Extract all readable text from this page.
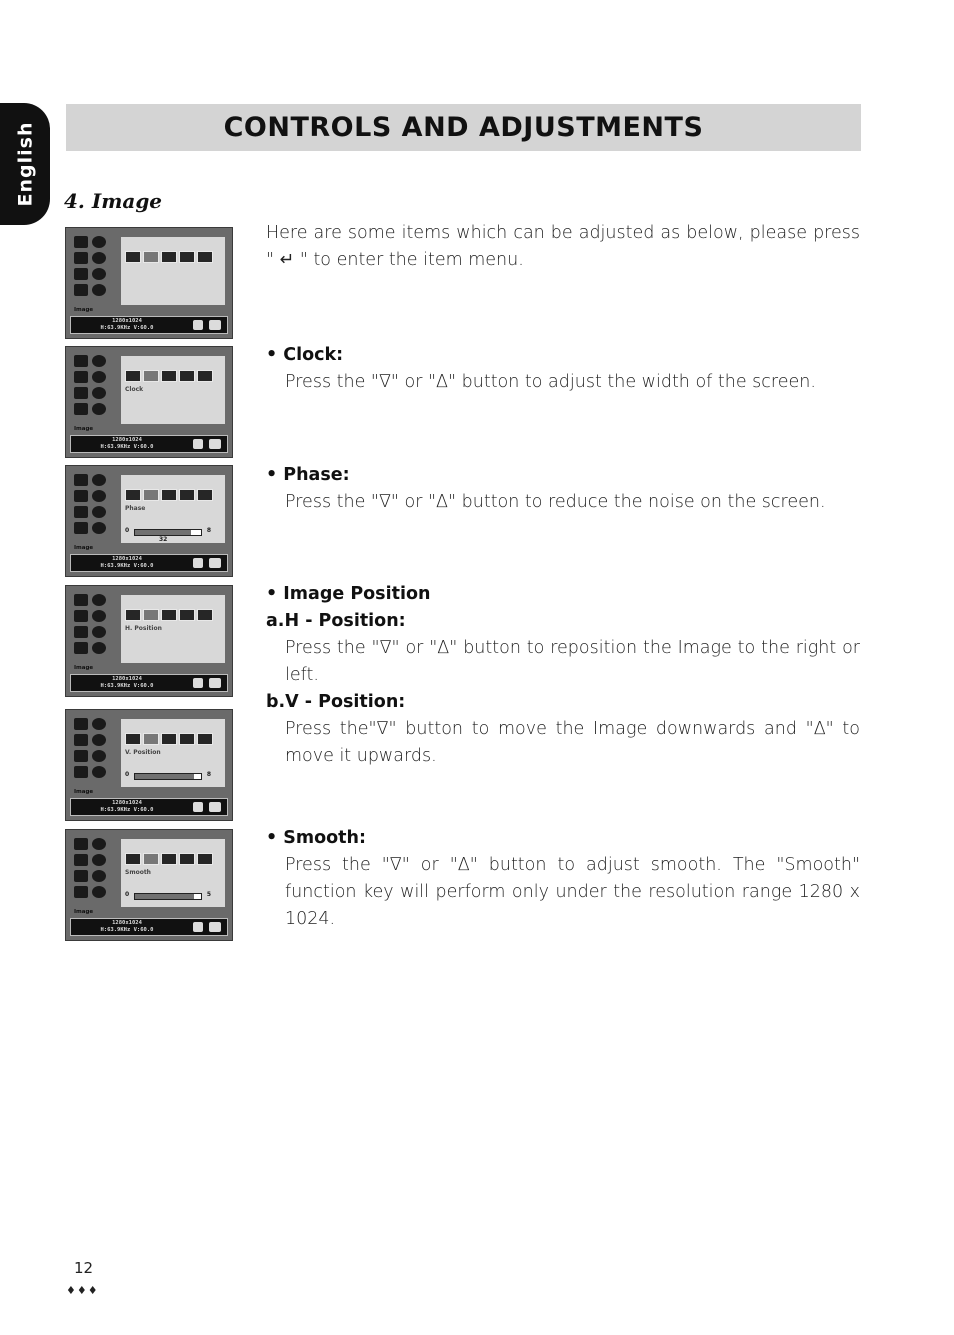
English	CONTROLS AND ADJUSTMENTS
4. Image
Image
1280x1024
H:63.9KHz V:60.0
Clock
Image
1280x1024
H:63.9KHz V:60.0
Phase
0	8
32
Image
1280x1024
H:63.9KHz V:60.0
H. Position
Image
1280x1024
H:63.9KHz V:60.0
V. Position
0	8
Image
1280x1024
H:63.9KHz V:60.0
Smooth
0	5
Image
1280x1024
H:63.9KHz V:60.0
Here are some items which can be adjusted as below, please press " ↵ " to enter the item menu.

• Clock:

Press the "∇" or "Δ" button to adjust the width of the screen.

• Phase:

Press the "∇" or "Δ" button to reduce the noise on the screen.

• Image Position

a.H - Position:

Press the "∇" or "Δ" button to reposition the Image to the right or left.

b.V - Position:

Press the"∇" button to move the Image downwards and "Δ" to move it upwards.

• Smooth:

Press the "∇" or "Δ" button to adjust smooth. The "Smooth" function key will perform only under the resolution range 1280 x 1024.

12
♦♦♦
